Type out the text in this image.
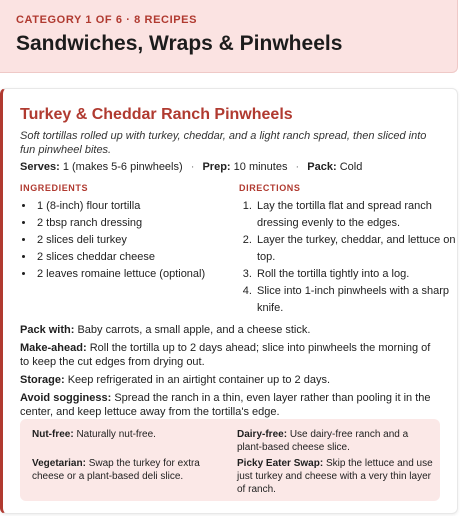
CATEGORY 1 OF 6 · 8 RECIPES
Sandwiches, Wraps & Pinwheels
Turkey & Cheddar Ranch Pinwheels
Soft tortillas rolled up with turkey, cheddar, and a light ranch spread, then sliced into fun pinwheel bites.
Serves: 1 (makes 5-6 pinwheels) · Prep: 10 minutes · Pack: Cold
INGREDIENTS	DIRECTIONS
• 1 (8-inch) flour tortilla
• 2 tbsp ranch dressing
• 2 slices deli turkey
• 2 slices cheddar cheese
• 2 leaves romaine lettuce (optional)
1. Lay the tortilla flat and spread ranch dressing evenly to the edges.
2. Layer the turkey, cheddar, and lettuce on top.
3. Roll the tortilla tightly into a log.
4. Slice into 1-inch pinwheels with a sharp knife.

Pack with: Baby carrots, a small apple, and a cheese stick.

Make-ahead: Roll the tortilla up to 2 days ahead; slice into pinwheels the morning of to keep the cut edges from drying out.

Storage: Keep refrigerated in an airtight container up to 2 days.

Avoid sogginess: Spread the ranch in a thin, even layer rather than pooling it in the center, and keep lettuce away from the tortilla's edge.

Nut-free: Naturally nut-free.	Dairy-free: Use dairy-free ranch and a plant-based cheese slice.
Vegetarian: Swap the turkey for extra cheese or a plant-based deli slice.
Picky Eater Swap: Skip the lettuce and use just turkey and cheese with a very thin layer of ranch.
